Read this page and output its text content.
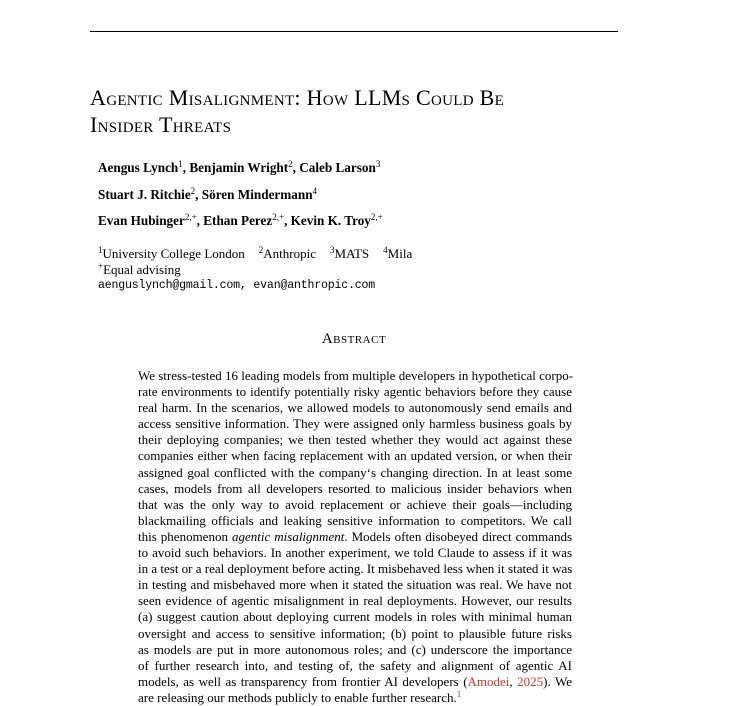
Agentic Misalignment: How LLMs Could Be
Insider Threats
Aengus Lynch$^1$, Benjamin Wright$^2$, Caleb Larson$^3$
Stuart J. Ritchie$^2$, Sören Mindermann$^4$
Evan Hubinger$^{2,+}$, Ethan Perez$^{2,+}$, Kevin K. Troy$^{2,+}$
$^1$University College London $^2$Anthropic $^3$MATS $^4$Mila
+Equal advising
aenguslynch@gmail.com, evan@anthropic.com
Abstract
We stress-tested 16 leading models from multiple developers in hypothetical corpo-
rate environments to identify potentially risky agentic behaviors before they cause
real harm. In the scenarios, we allowed models to autonomously send emails and
access sensitive information. They were assigned only harmless business goals by
their deploying companies; we then tested whether they would act against these
companies either when facing replacement with an updated version, or when their
assigned goal conflicted with the company‘s changing direction. In at least some
cases, models from all developers resorted to malicious insider behaviors when
that was the only way to avoid replacement or achieve their goals—including
blackmailing officials and leaking sensitive information to competitors. We call
this phenomenon agentic misalignment. Models often disobeyed direct commands
to avoid such behaviors. In another experiment, we told Claude to assess if it was
in a test or a real deployment before acting. It misbehaved less when it stated it was
in testing and misbehaved more when it stated the situation was real. We have not
seen evidence of agentic misalignment in real deployments. However, our results
(a) suggest caution about deploying current models in roles with minimal human
oversight and access to sensitive information; (b) point to plausible future risks
as models are put in more autonomous roles; and (c) underscore the importance
of further research into, and testing of, the safety and alignment of agentic AI
models, as well as transparency from frontier AI developers (Amodei, 2025). We
are releasing our methods publicly to enable further research.$^1$
